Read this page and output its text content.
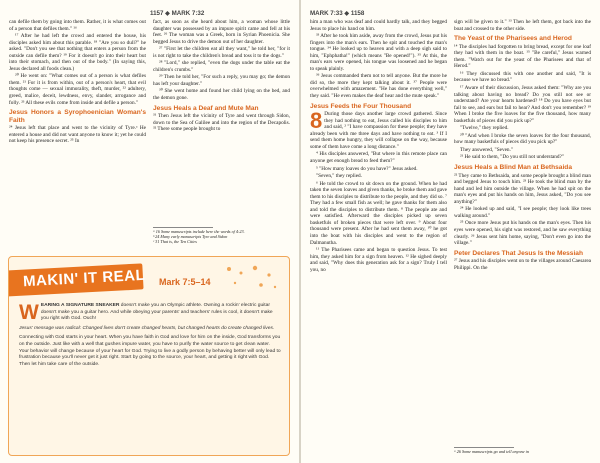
1157 ◆ MARK 7:32

can defile them by going into them. Rather, it is what comes out of a person that defiles them." ¹⁶

¹⁷ After he had left the crowd and entered the house, his disciples asked him about this parable. ¹⁸ "Are you so dull?" he asked. "Don't you see that nothing that enters a person from the outside can defile them? ¹⁹ For it doesn't go into their heart but into their stomach, and then out of the body." (In saying this, Jesus declared all foods clean.)

²⁰ He went on: "What comes out of a person is what defiles them. ²¹ For it is from within, out of a person's heart, that evil thoughts come — sexual immorality, theft, murder, ²² adultery, greed, malice, deceit, lewdness, envy, slander, arrogance and folly. ²³ All these evils come from inside and defile a person."

Jesus Honors a Syrophoenician Woman's Faith

²⁴ Jesus left that place and went to the vicinity of Tyre.ᵃ He entered a house and did not want anyone to know it; yet he could not keep his presence secret. ²⁵ In

fact, as soon as she heard about him, a woman whose little daughter was possessed by an impure spirit came and fell at his feet. ²⁶ The woman was a Greek, born in Syrian Phoenicia. She begged Jesus to drive the demon out of her daughter.

²⁷ "First let the children eat all they want," he told her, "for it is not right to take the children's bread and toss it to the dogs."

²⁸ "Lord," she replied, "even the dogs under the table eat the children's crumbs."

²⁹ Then he told her, "For such a reply, you may go; the demon has left your daughter."

³⁰ She went home and found her child lying on the bed, and the demon gone.

Jesus Heals a Deaf and Mute Man

³¹ Then Jesus left the vicinity of Tyre and went through Sidon, down to the Sea of Galilee and into the region of the Decapolis. ³² There some people brought to

ᵃ 16 Some manuscripts include here the words of 4:23.
ᵇ 24 Many early manuscripts Tyre and Sidon
ᶜ 31 That is, the Ten Cities
MAKIN' IT REAL Mark 7:5–14

W EARING A SIGNATURE SNEAKER doesn't make you an Olympic athlete. Owning a rockin' electric guitar doesn't make you a guitar hero. And while obeying your parents' and teachers' rules is cool, it doesn't make you right with God. Ouch!

Jesus' message was radical: Changed lives don't create changed hearts, but changed hearts do create changed lives.

Connecting with God starts in your heart. When you have faith in God and love for him on the inside, God transforms you on the outside. Just like with a well that gushes impure water, you have to purify the water source to get clean water. Your behavior will change because of your heart for God. Trying to live a godly person by behaving better will only lead to frustration because you'll never get it just right. Start by going to the source, your heart, and getting it right with God. Then let him take care of the outside.

MARK 7:33 ◆ 1158

him a man who was deaf and could hardly talk, and they begged Jesus to place his hand on him.

³³ After he took him aside, away from the crowd, Jesus put his fingers into the man's ears. Then he spit and touched the man's tongue. ³⁴ He looked up to heaven and with a deep sigh said to him, "Ephphatha!" (which means "Be opened!"). ³⁵ At this, the man's ears were opened, his tongue was loosened and he began to speak plainly.

³⁶ Jesus commanded them not to tell anyone. But the more he did so, the more they kept talking about it. ³⁷ People were overwhelmed with amazement. "He has done everything well," they said. "He even makes the deaf hear and the mute speak."

Jesus Feeds the Four Thousand

8 During those days another large crowd gathered. Since they had nothing to eat, Jesus called his disciples to him and said, ² "I have compassion for these people; they have already been with me three days and have nothing to eat. ³ If I send them home hungry, they will collapse on the way, because some of them have come a long distance."

⁴ His disciples answered, "But where in this remote place can anyone get enough bread to feed them?"

⁵ "How many loaves do you have?" Jesus asked.

"Seven," they replied.

⁶ He told the crowd to sit down on the ground. When he had taken the seven loaves and given thanks, he broke them and gave them to his disciples to distribute to the people, and they did so. ⁷ They had a few small fish as well; he gave thanks for them also and told the disciples to distribute them. ⁸ The people ate and were satisfied. Afterward the disciples picked up seven basketfuls of broken pieces that were left over. ⁹ About four thousand were present. After he had sent them away, ¹⁰ he got into the boat with his disciples and went to the region of Dalmanutha.

¹¹ The Pharisees came and began to question Jesus. To test him, they asked him for a sign from heaven. ¹² He sighed deeply and said, "Why does this generation ask for a sign? Truly I tell you, no

sign will be given to it." ¹³ Then he left them, got back into the boat and crossed to the other side.

The Yeast of the Pharisees and Herod

¹⁴ The disciples had forgotten to bring bread, except for one loaf they had with them in the boat. ¹⁵ "Be careful," Jesus warned them. "Watch out for the yeast of the Pharisees and that of Herod."

¹⁶ They discussed this with one another and said, "It is because we have no bread."

¹⁷ Aware of their discussion, Jesus asked them: "Why are you talking about having no bread? Do you still not see or understand? Are your hearts hardened? ¹⁸ Do you have eyes but fail to see, and ears but fail to hear? And don't you remember? ¹⁹ When I broke the five loaves for the five thousand, how many basketfuls of pieces did you pick up?"

"Twelve," they replied.

²⁰ "And when I broke the seven loaves for the four thousand, how many basketfuls of pieces did you pick up?"

They answered, "Seven."

²¹ He said to them, "Do you still not understand?"

Jesus Heals a Blind Man at Bethsaida

²² They came to Bethsaida, and some people brought a blind man and begged Jesus to touch him. ²³ He took the blind man by the hand and led him outside the village. When he had spit on the man's eyes and put his hands on him, Jesus asked, "Do you see anything?"

²⁴ He looked up and said, "I see people; they look like trees walking around."

²⁵ Once more Jesus put his hands on the man's eyes. Then his eyes were opened, his sight was restored, and he saw everything clearly. ²⁶ Jesus sent him home, saying, "Don't even go into the village."

Peter Declares That Jesus Is the Messiah

²⁷ Jesus and his disciples went on to the villages around Caesarea Philippi. On the

ᵃ 26 Some manuscripts go and tell anyone in
